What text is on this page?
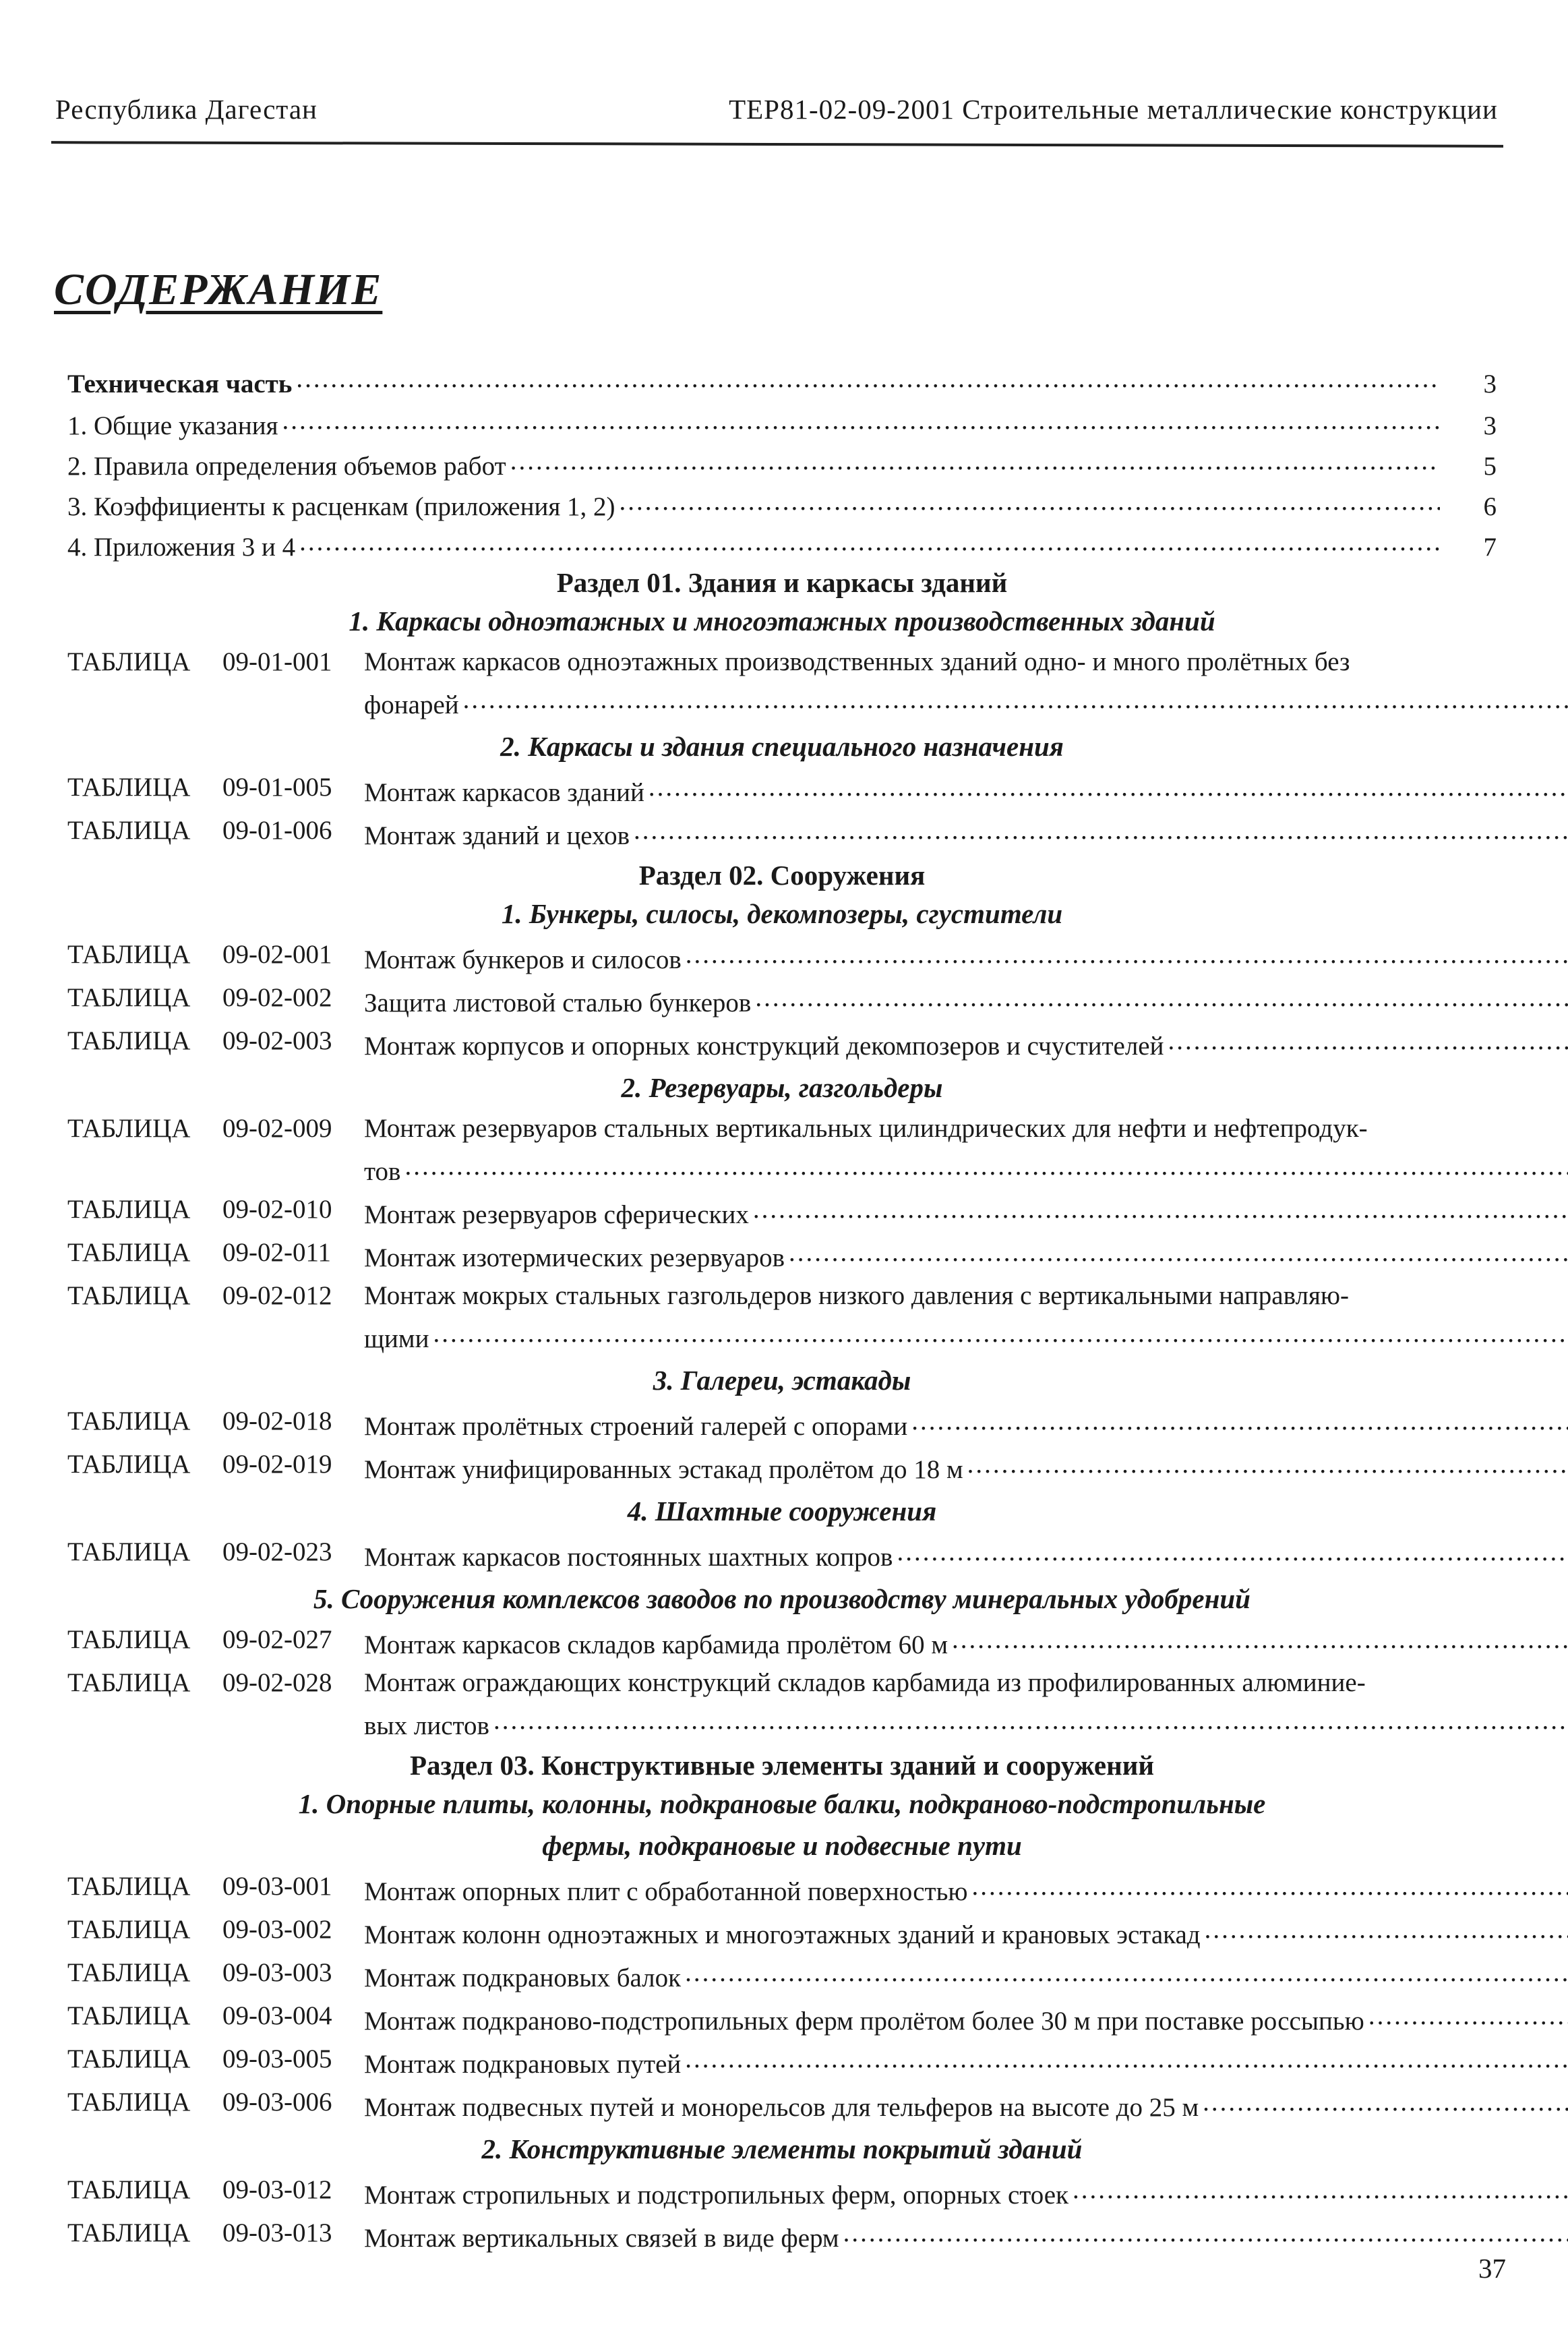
Республика Дагестан	ТЕР81-02-09-2001 Строительные металлические конструкции
СОДЕРЖАНИЕ
Техническая часть .....	3
1. Общие указания .....	3
2. Правила определения объемов работ .....	5
3. Коэффициенты к расценкам (приложения 1, 2) .....	6
4. Приложения 3 и 4 .....	7
Раздел 01. Здания и каркасы зданий
1. Каркасы одноэтажных и многоэтажных производственных зданий
ТАБЛИЦА	09-01-001	Монтаж каркасов одноэтажных производственных зданий одно- и много пролётных без
фонарей
.....
2. Каркасы и здания специального назначения
ТАБЛИЦА	09-01-005	Монтаж каркасов зданий
.....
ТАБЛИЦА	09-01-006	Монтаж зданий и цехов
.....
Раздел 02. Сооружения
1. Бункеры, силосы, декомпозеры, сгустители
ТАБЛИЦА	09-02-001	Монтаж бункеров и силосов
.....
ТАБЛИЦА	09-02-002	Защита листовой сталью бункеров
.....
ТАБЛИЦА	09-02-003	Монтаж корпусов и опорных конструкций декомпозеров и счустителей
.....
2. Резервуары, газгольдеры
ТАБЛИЦА	09-02-009	Монтаж резервуаров стальных вертикальных цилиндрических для нефти и нефтепродук-
тов
.....
ТАБЛИЦА	09-02-010	Монтаж резервуаров сферических
.....
ТАБЛИЦА	09-02-011	Монтаж изотермических резервуаров
.....
ТАБЛИЦА	09-02-012	Монтаж мокрых стальных газгольдеров низкого давления с вертикальными направляю-
щими
.....
3. Галереи, эстакады
ТАБЛИЦА	09-02-018	Монтаж пролётных строений галерей с опорами
.....
ТАБЛИЦА	09-02-019	Монтаж унифицированных эстакад пролётом до 18 м
.....
4. Шахтные сооружения
ТАБЛИЦА	09-02-023	Монтаж каркасов постоянных шахтных копров
.....
5. Сооружения комплексов заводов по производству минеральных удобрений
ТАБЛИЦА	09-02-027	Монтаж каркасов складов карбамида пролётом 60 м
.....
ТАБЛИЦА	09-02-028	Монтаж ограждающих конструкций складов карбамида из профилированных алюминие-
вых листов
.....
Раздел 03. Конструктивные элементы зданий и сооружений
1. Опорные плиты, колонны, подкрановые балки, подкраново-подстропильные
фермы, подкрановые и подвесные пути
ТАБЛИЦА	09-03-001	Монтаж опорных плит с обработанной поверхностью
.....
ТАБЛИЦА	09-03-002	Монтаж колонн одноэтажных и многоэтажных зданий и крановых эстакад
.....
ТАБЛИЦА	09-03-003	Монтаж подкрановых балок
.....
ТАБЛИЦА	09-03-004	Монтаж подкраново-подстропильных ферм пролётом более 30 м при поставке россыпью
.....
ТАБЛИЦА	09-03-005	Монтаж подкрановых путей
.....
ТАБЛИЦА	09-03-006	Монтаж подвесных путей и монорельсов для тельферов на высоте до 25 м
.....
2. Конструктивные элементы покрытий зданий
ТАБЛИЦА	09-03-012	Монтаж стропильных и подстропильных ферм, опорных стоек
.....
ТАБЛИЦА	09-03-013	Монтаж вертикальных связей в виде ферм
.....
37
